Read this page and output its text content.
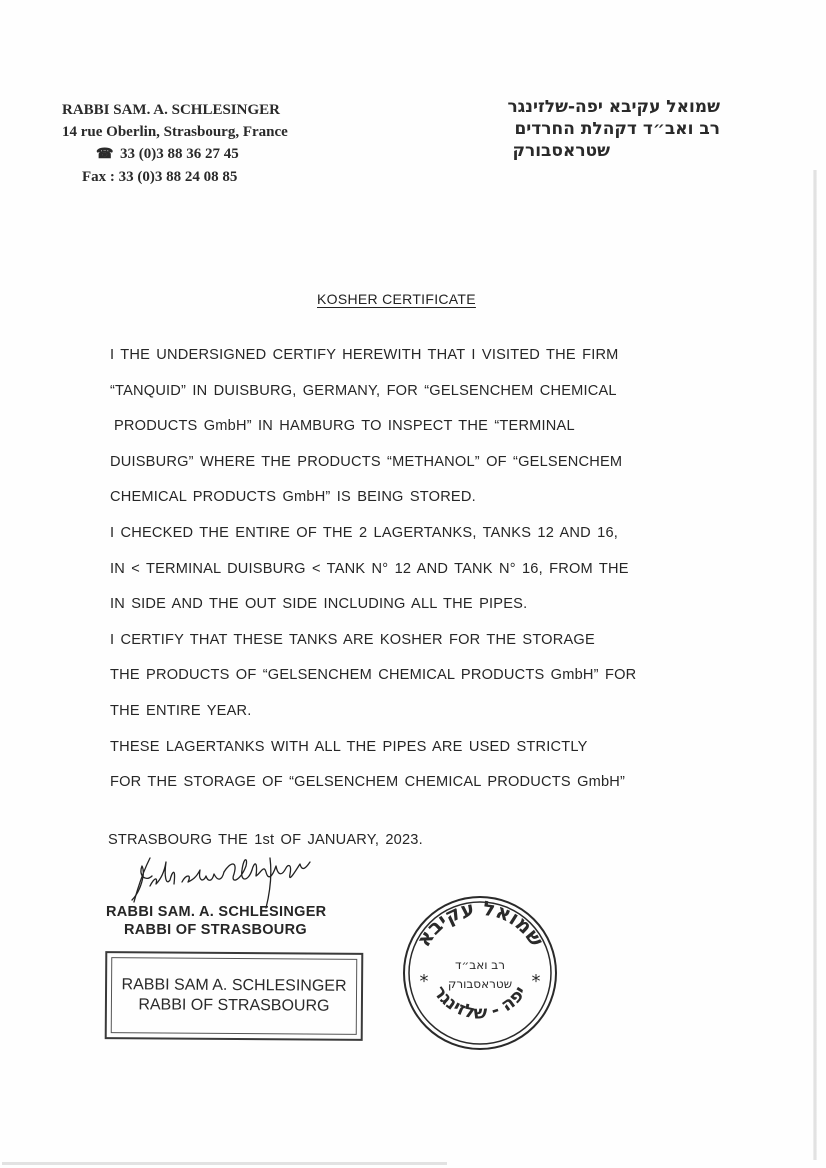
RABBI SAM. A. SCHLESINGER
14 rue Oberlin, Strasbourg, France
☎ 33 (0)3 88 36 27 45
Fax : 33 (0)3 88 24 08 85
שמואל עקיבא יפה-שלזינגר
רב ואב״ד דקהלת החרדים
שטראסבורק
KOSHER CERTIFICATE
I THE UNDERSIGNED CERTIFY HEREWITH THAT I VISITED THE FIRM
“TANQUID” IN DUISBURG, GERMANY, FOR “GELSENCHEM CHEMICAL
PRODUCTS GmbH” IN HAMBURG TO INSPECT THE “TERMINAL
DUISBURG” WHERE THE PRODUCTS “METHANOL” OF “GELSENCHEM
CHEMICAL PRODUCTS GmbH” IS BEING STORED.
I CHECKED THE ENTIRE OF THE 2 LAGERTANKS, TANKS 12 AND 16,
IN < TERMINAL DUISBURG < TANK N° 12 AND TANK N° 16, FROM THE
IN SIDE AND THE OUT SIDE INCLUDING ALL THE PIPES.
I CERTIFY THAT THESE TANKS ARE KOSHER FOR THE STORAGE
THE PRODUCTS OF “GELSENCHEM CHEMICAL PRODUCTS GmbH” FOR
THE ENTIRE YEAR.
THESE LAGERTANKS WITH ALL THE PIPES ARE USED STRICTLY
FOR THE STORAGE OF “GELSENCHEM CHEMICAL PRODUCTS GmbH”
STRASBOURG THE 1st OF JANUARY, 2023.
RABBI SAM. A. SCHLESINGER
RABBI OF STRASBOURG
RABBI SAM A. SCHLESINGER
RABBI OF STRASBOURG
שמואל עקיבא
יפה - שלזינגר
רב ואב״ד
שטראסבורק
*	*
